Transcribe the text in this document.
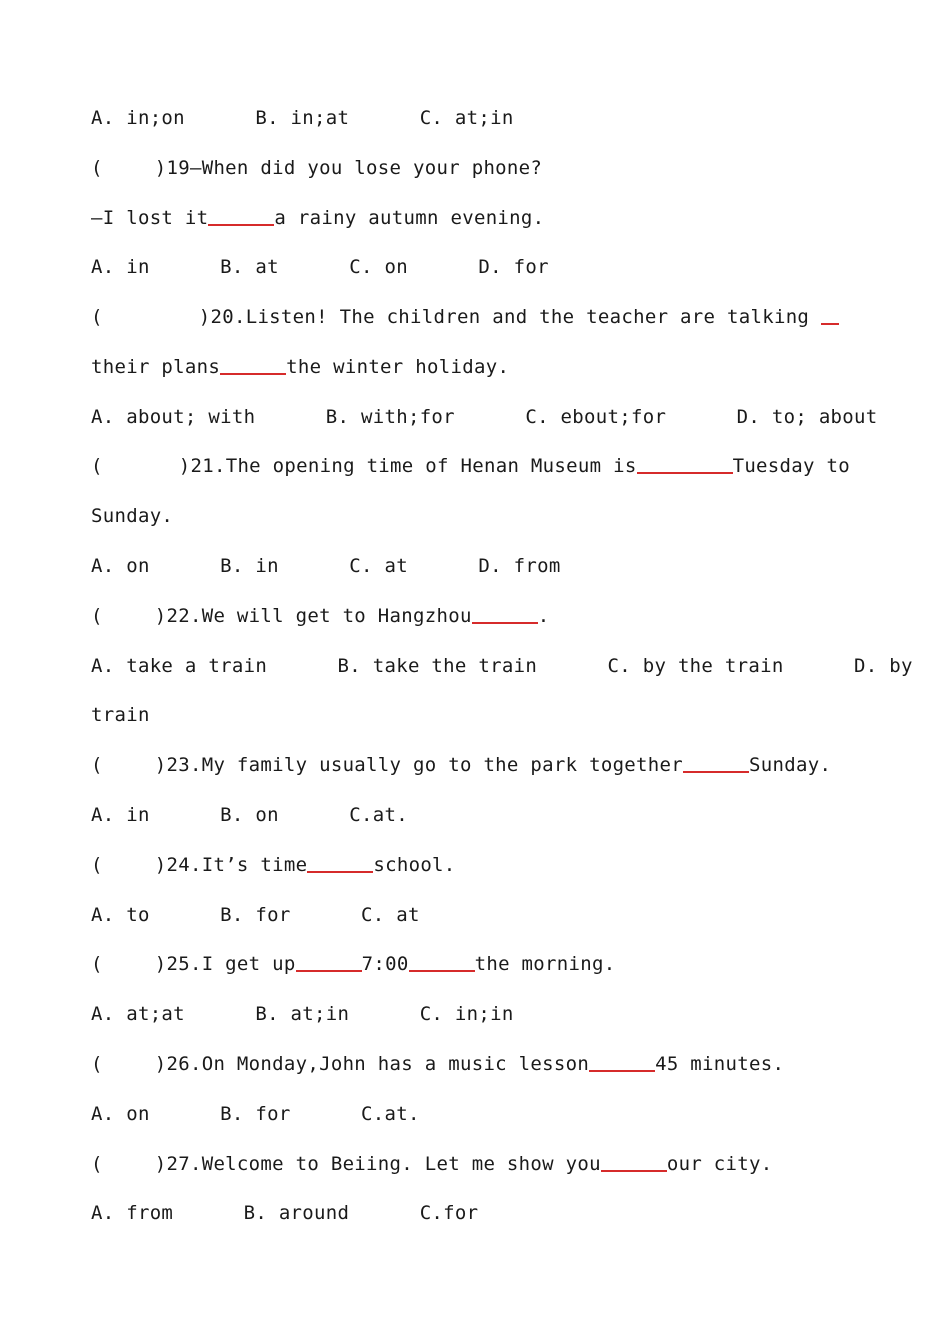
A. in;on      B. in;at      C. at;in
(	)19—When did you lose your phone?
—I lost it	a rainy autumn evening.
A. in      B. at      C. on      D. for
(	)20.Listen! The children and the teacher are talking
their plans	the winter holiday.
A. about; with      B. with;for      C. ebout;for      D. to; about
(	)21.The opening time of Henan Museum is	Tuesday to
Sunday.
A. on      B. in      C. at      D. from
(	)22.We will get to Hangzhou	.
A. take a train      B. take the train      C. by the train      D. by
train
(	)23.My family usually go to the park together	Sunday.
A. in      B. on      C.at.
(	)24.It’s time	school.
A. to      B. for      C. at
(	)25.I get up	7:00	the morning.
A. at;at      B. at;in      C. in;in
(	)26.On Monday,John has a music lesson	45 minutes.
A. on      B. for      C.at.
(	)27.Welcome to Beiing. Let me show you	our city.
A. from      B. around      C.for
